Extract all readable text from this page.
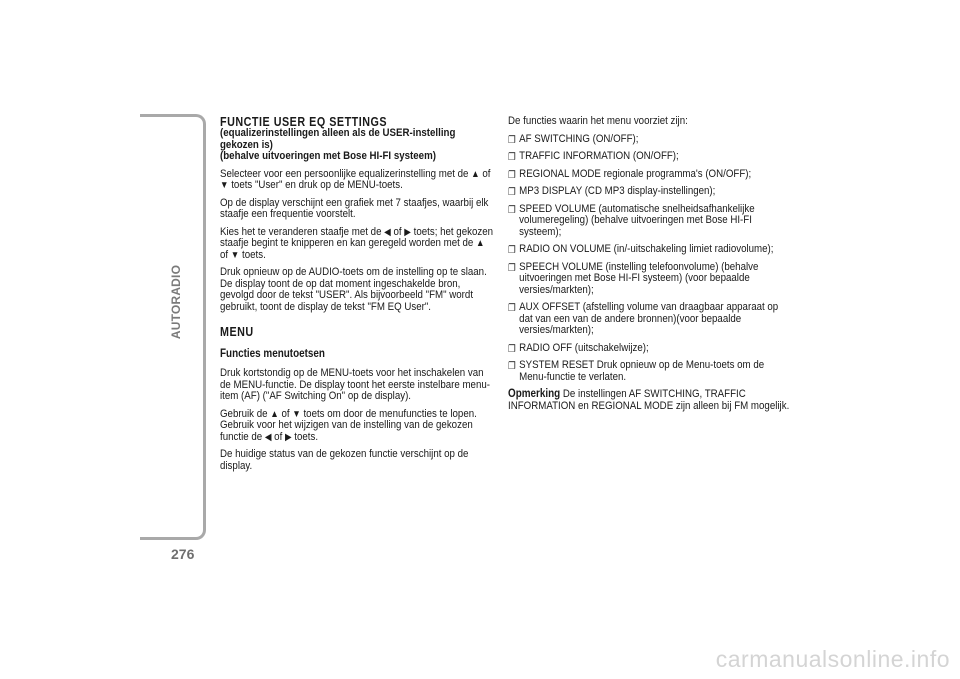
AUTORADIO
276
FUNCTIE USER EQ SETTINGS
(equalizerinstellingen alleen als de USER-instelling gekozen is)
(behalve uitvoeringen met Bose HI-FI systeem)

Selecteer voor een persoonlijke equalizerinstelling met de ▲ of ▼ toets "User" en druk op de MENU-toets.

Op de display verschijnt een grafiek met 7 staafjes, waarbij elk staafje een frequentie voorstelt.

Kies het te veranderen staafje met de ◀ of ▶ toets; het gekozen staafje begint te knipperen en kan geregeld worden met de ▲ of ▼ toets.

Druk opnieuw op de AUDIO-toets om de instelling op te slaan. De display toont de op dat moment ingeschakelde bron, gevolgd door de tekst "USER". Als bijvoorbeeld "FM" wordt gebruikt, toont de display de tekst "FM EQ User".

MENU
Functies menutoetsen

Druk kortstondig op de MENU-toets voor het inschakelen van de MENU-functie. De display toont het eerste instelbare menu-item (AF) ("AF Switching On" op de display).

Gebruik de ▲ of ▼ toets om door de menufuncties te lopen. Gebruik voor het wijzigen van de instelling van de gekozen functie de ◀ of ▶ toets.

De huidige status van de gekozen functie verschijnt op de display.

De functies waarin het menu voorziet zijn:

❐ AF SWITCHING (ON/OFF);
❐ TRAFFIC INFORMATION (ON/OFF);
❐ REGIONAL MODE regionale programma's (ON/OFF);
❐ MP3 DISPLAY (CD MP3 display-instellingen);
❐ SPEED VOLUME (automatische snelheidsafhankelijke volumeregeling) (behalve uitvoeringen met Bose HI-FI systeem);
❐ RADIO ON VOLUME (in/-uitschakeling limiet radiovolume);
❐ SPEECH VOLUME (instelling telefoonvolume) (behalve uitvoeringen met Bose HI-FI systeem) (voor bepaalde versies/markten);
❐ AUX OFFSET (afstelling volume van draagbaar apparaat op dat van een van de andere bronnen)(voor bepaalde versies/markten);
❐ RADIO OFF (uitschakelwijze);
❐ SYSTEM RESET Druk opnieuw op de Menu-toets om de Menu-functie te verlaten.

Opmerking De instellingen AF SWITCHING, TRAFFIC INFORMATION en REGIONAL MODE zijn alleen bij FM mogelijk.

carmanualsonline.info
